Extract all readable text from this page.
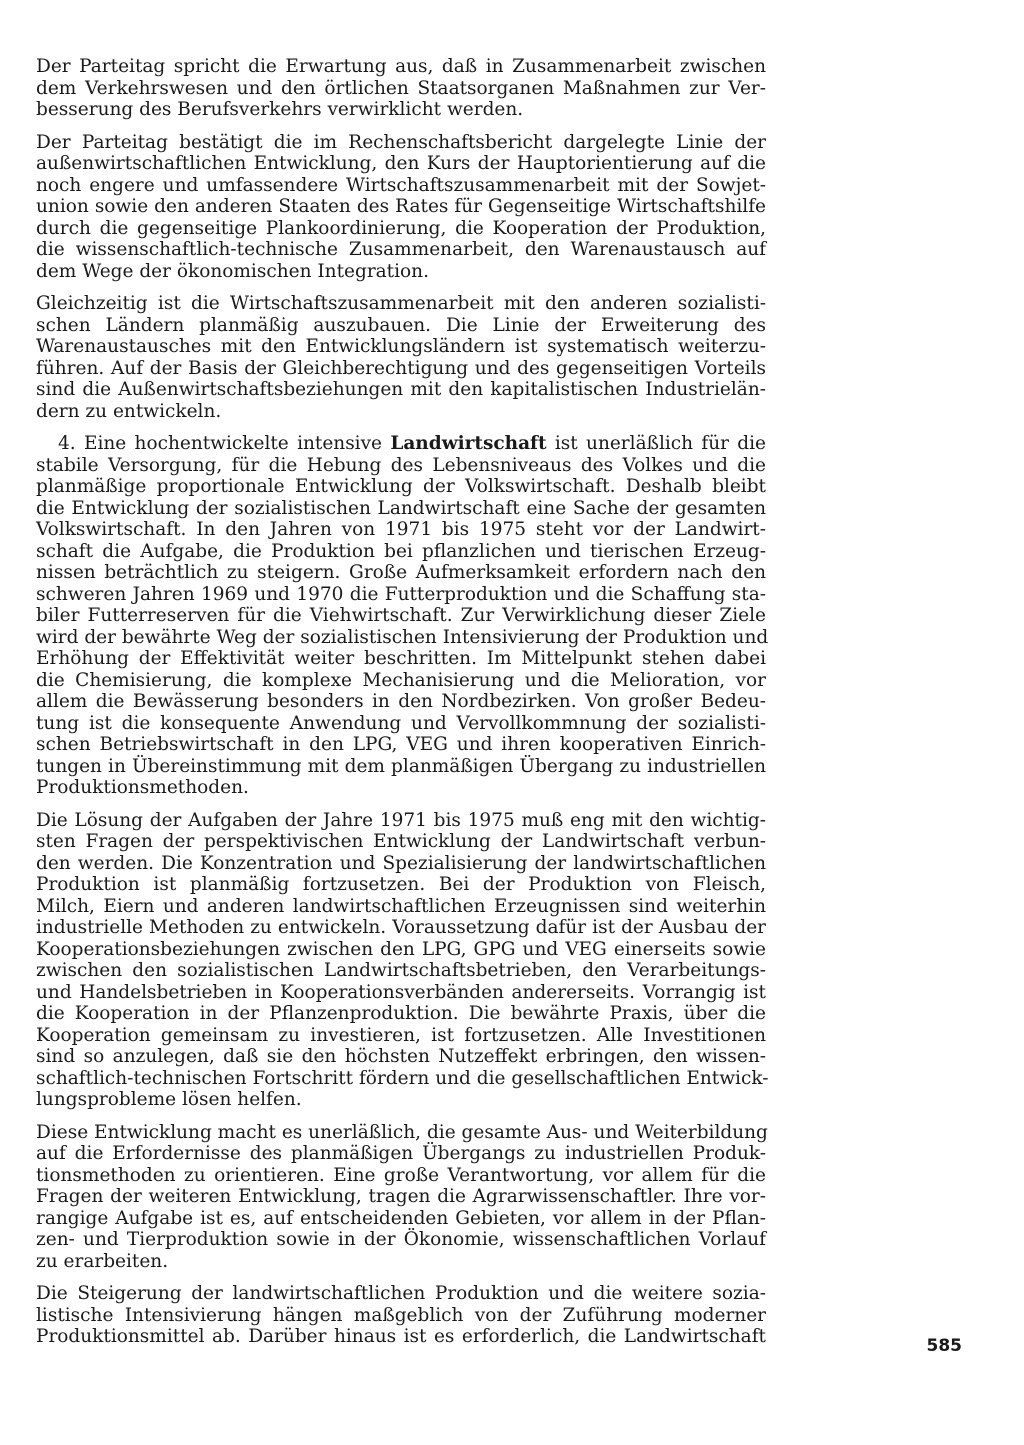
Der Parteitag spricht die Erwartung aus, daß in Zusammenarbeit zwischen
dem Verkehrswesen und den örtlichen Staatsorganen Maßnahmen zur Ver-
besserung des Berufsverkehrs verwirklicht werden.

Der Parteitag bestätigt die im Rechenschaftsbericht dargelegte Linie der
außenwirtschaftlichen Entwicklung, den Kurs der Hauptorientierung auf die
noch engere und umfassendere Wirtschaftszusammenarbeit mit der Sowjet-
union sowie den anderen Staaten des Rates für Gegenseitige Wirtschaftshilfe
durch die gegenseitige Plankoordinierung, die Kooperation der Produktion,
die wissenschaftlich-technische Zusammenarbeit, den Warenaustausch auf
dem Wege der ökonomischen Integration.

Gleichzeitig ist die Wirtschaftszusammenarbeit mit den anderen sozialisti-
schen Ländern planmäßig auszubauen. Die Linie der Erweiterung des
Warenaustausches mit den Entwicklungsländern ist systematisch weiterzu-
führen. Auf der Basis der Gleichberechtigung und des gegenseitigen Vorteils
sind die Außenwirtschaftsbeziehungen mit den kapitalistischen Industrielän-
dern zu entwickeln.

4. Eine hochentwickelte intensive Landwirtschaft ist unerläßlich für die
stabile Versorgung, für die Hebung des Lebensniveaus des Volkes und die
planmäßige proportionale Entwicklung der Volkswirtschaft. Deshalb bleibt
die Entwicklung der sozialistischen Landwirtschaft eine Sache der gesamten
Volkswirtschaft. In den Jahren von 1971 bis 1975 steht vor der Landwirt-
schaft die Aufgabe, die Produktion bei pflanzlichen und tierischen Erzeug-
nissen beträchtlich zu steigern. Große Aufmerksamkeit erfordern nach den
schweren Jahren 1969 und 1970 die Futterproduktion und die Schaffung sta-
biler Futterreserven für die Viehwirtschaft. Zur Verwirklichung dieser Ziele
wird der bewährte Weg der sozialistischen Intensivierung der Produktion und
Erhöhung der Effektivität weiter beschritten. Im Mittelpunkt stehen dabei
die Chemisierung, die komplexe Mechanisierung und die Melioration, vor
allem die Bewässerung besonders in den Nordbezirken. Von großer Bedeu-
tung ist die konsequente Anwendung und Vervollkommnung der sozialisti-
schen Betriebswirtschaft in den LPG, VEG und ihren kooperativen Einrich-
tungen in Übereinstimmung mit dem planmäßigen Übergang zu industriellen
Produktionsmethoden.

Die Lösung der Aufgaben der Jahre 1971 bis 1975 muß eng mit den wichtig-
sten Fragen der perspektivischen Entwicklung der Landwirtschaft verbun-
den werden. Die Konzentration und Spezialisierung der landwirtschaftlichen
Produktion ist planmäßig fortzusetzen. Bei der Produktion von Fleisch,
Milch, Eiern und anderen landwirtschaftlichen Erzeugnissen sind weiterhin
industrielle Methoden zu entwickeln. Voraussetzung dafür ist der Ausbau der
Kooperationsbeziehungen zwischen den LPG, GPG und VEG einerseits sowie
zwischen den sozialistischen Landwirtschaftsbetrieben, den Verarbeitungs-
und Handelsbetrieben in Kooperationsverbänden andererseits. Vorrangig ist
die Kooperation in der Pflanzenproduktion. Die bewährte Praxis, über die
Kooperation gemeinsam zu investieren, ist fortzusetzen. Alle Investitionen
sind so anzulegen, daß sie den höchsten Nutzeffekt erbringen, den wissen-
schaftlich-technischen Fortschritt fördern und die gesellschaftlichen Entwick-
lungsprobleme lösen helfen.

Diese Entwicklung macht es unerläßlich, die gesamte Aus- und Weiterbildung
auf die Erfordernisse des planmäßigen Übergangs zu industriellen Produk-
tionsmethoden zu orientieren. Eine große Verantwortung, vor allem für die
Fragen der weiteren Entwicklung, tragen die Agrarwissenschaftler. Ihre vor-
rangige Aufgabe ist es, auf entscheidenden Gebieten, vor allem in der Pflan-
zen- und Tierproduktion sowie in der Ökonomie, wissenschaftlichen Vorlauf
zu erarbeiten.

Die Steigerung der landwirtschaftlichen Produktion und die weitere sozia-
listische Intensivierung hängen maßgeblich von der Zuführung moderner
Produktionsmittel ab. Darüber hinaus ist es erforderlich, die Landwirtschaft	585
